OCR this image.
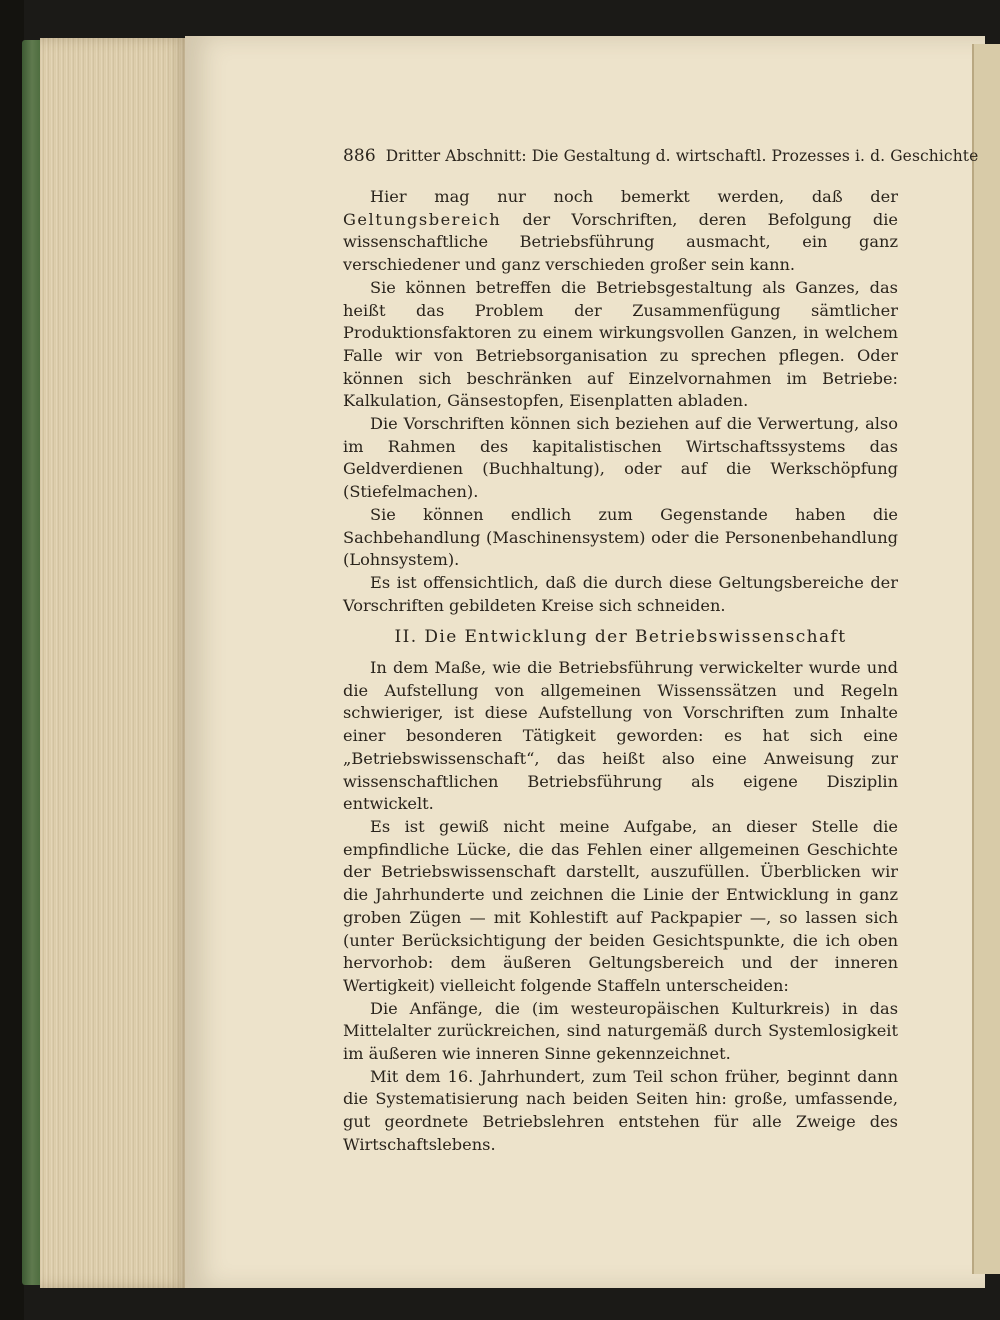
886 Dritter Abschnitt: Die Gestaltung d. wirtschaftl. Prozesses i. d. Geschichte

Hier mag nur noch bemerkt werden, daß der Geltungsbereich der Vorschriften, deren Befolgung die wissenschaftliche Betriebsführung ausmacht, ein ganz verschiedener und ganz verschieden großer sein kann.

Sie können betreffen die Betriebsgestaltung als Ganzes, das heißt das Problem der Zusammenfügung sämtlicher Produktionsfaktoren zu einem wirkungsvollen Ganzen, in welchem Falle wir von Betriebsorganisation zu sprechen pflegen. Oder können sich beschränken auf Einzelvornahmen im Betriebe: Kalkulation, Gänsestopfen, Eisenplatten abladen.

Die Vorschriften können sich beziehen auf die Verwertung, also im Rahmen des kapitalistischen Wirtschaftssystems das Geldverdienen (Buchhaltung), oder auf die Werkschöpfung (Stiefelmachen).

Sie können endlich zum Gegenstande haben die Sachbehandlung (Maschinensystem) oder die Personenbehandlung (Lohnsystem).

Es ist offensichtlich, daß die durch diese Geltungsbereiche der Vorschriften gebildeten Kreise sich schneiden.

II. Die Entwicklung der Betriebswissenschaft

In dem Maße, wie die Betriebsführung verwickelter wurde und die Aufstellung von allgemeinen Wissenssätzen und Regeln schwieriger, ist diese Aufstellung von Vorschriften zum Inhalte einer besonderen Tätigkeit geworden: es hat sich eine „Betriebswissenschaft“, das heißt also eine Anweisung zur wissenschaftlichen Betriebsführung als eigene Disziplin entwickelt.

Es ist gewiß nicht meine Aufgabe, an dieser Stelle die empfindliche Lücke, die das Fehlen einer allgemeinen Geschichte der Betriebswissenschaft darstellt, auszufüllen. Überblicken wir die Jahrhunderte und zeichnen die Linie der Entwicklung in ganz groben Zügen — mit Kohlestift auf Packpapier —, so lassen sich (unter Berücksichtigung der beiden Gesichtspunkte, die ich oben hervorhob: dem äußeren Geltungsbereich und der inneren Wertigkeit) vielleicht folgende Staffeln unterscheiden:

Die Anfänge, die (im westeuropäischen Kulturkreis) in das Mittelalter zurückreichen, sind naturgemäß durch Systemlosigkeit im äußeren wie inneren Sinne gekennzeichnet.

Mit dem 16. Jahrhundert, zum Teil schon früher, beginnt dann die Systematisierung nach beiden Seiten hin: große, umfassende, gut geordnete Betriebslehren entstehen für alle Zweige des Wirtschaftslebens.
